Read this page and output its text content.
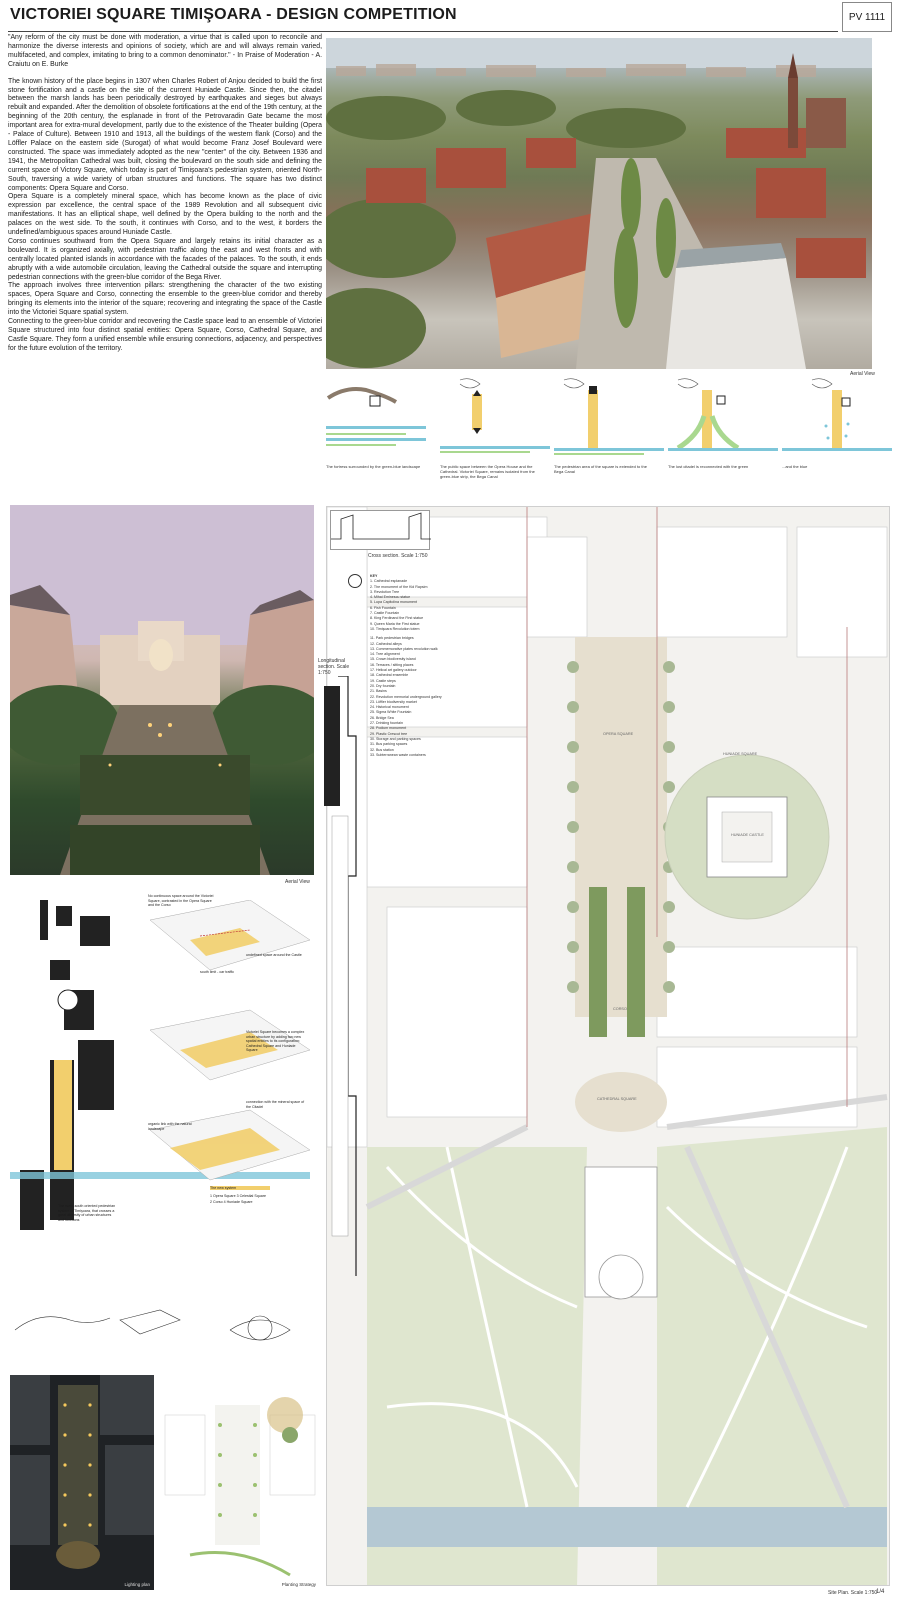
VICTORIEI SQUARE TIMIŞOARA - DESIGN COMPETITION	PV 1111

"Any reform of the city must be done with moderation, a virtue that is called upon to reconcile and harmonize the diverse interests and opinions of society, which are and will always remain varied, multifaceted, and complex, imitating to bring to a common denominator." - In Praise of Moderation - A. Craiutu on E. Burke

The known history of the place begins in 1307 when Charles Robert of Anjou decided to build the first stone fortification and a castle on the site of the current Huniade Castle. Since then, the citadel between the marsh lands has been periodically destroyed by earthquakes and sieges but always rebuilt and expanded. After the demolition of obsolete fortifications at the end of the 19th century, at the beginning of the 20th century, the esplanade in front of the Petrovaradin Gate became the most important area for extra-mural development, partly due to the existence of the Theater building (Opera - Palace of Culture). Between 1910 and 1913, all the buildings of the western flank (Corso) and the Löffler Palace on the eastern side (Surogat) of what would become Franz Josef Boulevard were constructed. The space was immediately adopted as the new "center" of the city. Between 1936 and 1941, the Metropolitan Cathedral was built, closing the boulevard on the south side and defining the current space of Victory Square, which today is part of Timişoara's pedestrian system, oriented North-South, traversing a wide variety of urban structures and functions. The square has two distinct components: Opera Square and Corso.

Opera Square is a completely mineral space, which has become known as the place of civic expression par excellence, the central space of the 1989 Revolution and all subsequent civic manifestations. It has an elliptical shape, well defined by the Opera building to the north and the palaces on the west side. To the south, it continues with Corso, and to the west, it borders the undefined/ambiguous spaces around Huniade Castle.

Corso continues southward from the Opera Square and largely retains its initial character as a boulevard. It is organized axially, with pedestrian traffic along the east and west fronts and with centrally located planted islands in accordance with the facades of the palaces. To the south, it ends abruptly with a wide automobile circulation, leaving the Cathedral outside the square and interrupting pedestrian connections with the green-blue corridor of the Bega River.

The approach involves three intervention pillars: strengthening the character of the two existing spaces, Opera Square and Corso, connecting the ensemble to the green-blue corridor and thereby bringing its elements into the interior of the square; recovering and integrating the space of the Castle into the Victoriei Square spatial system.

Connecting to the green-blue corridor and recovering the Castle space lead to an ensemble of Victoriei Square structured into four distinct spatial entities: Opera Square, Corso, Cathedral Square, and Castle Square. They form a unified ensemble while ensuring connections, adjacency, and perspectives for the future evolution of the territory.

Aerial View
The fortress surrounded by the green-blue landscape	The public space between the Opera House and the Cathedral. Victoriei Square, remains isolated from the green-blue strip, the Bega Canal
The pedestrian area of the square is extended to the Bega Canal
The lost citadel is reconnected with the green	...and the blue
Aerial View
OPERA SQUARE
HUNIADE SQUARE
HUNIADE CASTLE
CORSO
CATHEDRAL SQUARE
Site Plan. Scale 1:750
1/4
Cross section. Scale 1:750
KEY
1. Cathedral esplanade
2. The monument of the Kid Rapsim
3. Revolution Tree
4. Mihai Eminescu statue
5. Lupa Capitolina monument
6. Fish Fountain
7. Castle Fountain
8. King Ferdinand the First statue
9. Queen Maria the First statue
10. Timişoara Revolution totem
11. Park pedestrian bridges
12. Cathedral alleys
13. Commemorative plates revolution walk
14. Tree alignment
15. Crown biodiversity island
16. Terraces / sitting places
17. Helical art gallery outdoor
18. Cathedral ensemble
19. Castle steps
20. Dry fountain
21. Basins
22. Revolution memorial underground gallery
23. Löffler biodiversity market
24. Historical monument
25. Sigma White Fountain
26. Bridge Sea
27. Drinking fountain
28. Podium monument
29. Plastic Crescut tree
30. Storage and parking spaces
31. Bus parking spaces
32. Bus station
33. Subterranean waste containers
Longitudinal section. Scale 1:750
No continuous space around the Victoriei Square, contrasted in the Opera Square and the Corso
undefined space around the Castle
south limit - car traffic
Victoriei Square becomes a complex urban structure by adding two new spatial entities to its configuration: Cathedral Square and Huniade Square
connection with the mineral space of the Citadel
organic link with the natural landscape
The new system
1 Opera Square 3 Celestial Square
2 Corso 4 Huniade Square
The north-south oriented pedestrian system of Timişoara, that crosses a great diversity of urban structures and functions
Lighting plan	Planting Strategy
